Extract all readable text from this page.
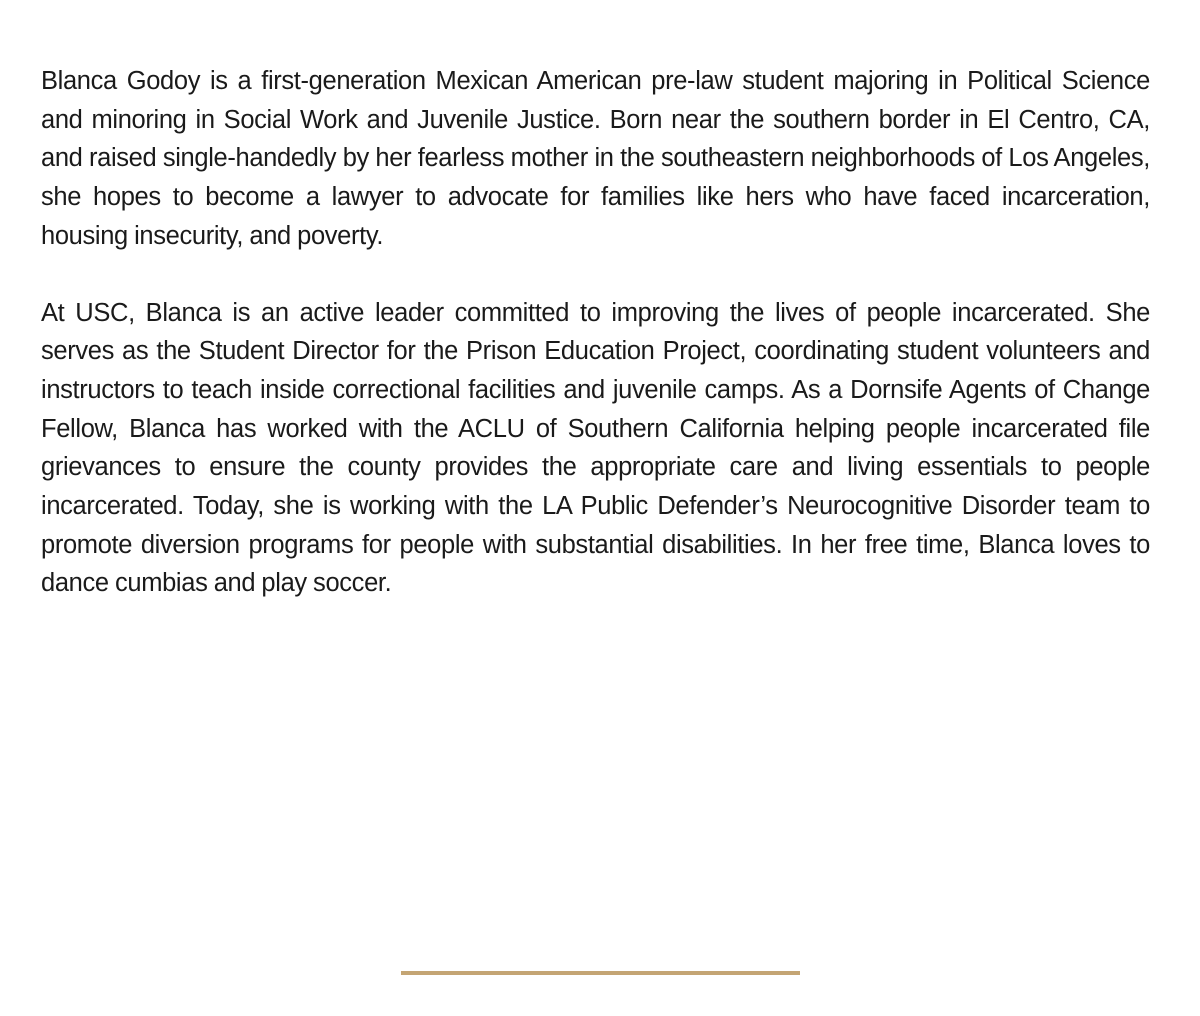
Blanca Godoy is a first-generation Mexican American pre-law student majoring in Political Science and minoring in Social Work and Juvenile Justice. Born near the southern border in El Centro, CA, and raised single-handedly by her fearless mother in the southeastern neighborhoods of Los Angeles, she hopes to become a lawyer to advocate for families like hers who have faced incarceration, housing insecurity, and poverty.

At USC, Blanca is an active leader committed to improving the lives of people incarcerated. She serves as the Student Director for the Prison Education Project, coordinating student volunteers and instructors to teach inside correctional facilities and juvenile camps. As a Dornsife Agents of Change Fellow, Blanca has worked with the ACLU of Southern California helping people incarcerated file grievances to ensure the county provides the appropriate care and living essentials to people incarcerated. Today, she is working with the LA Public Defender’s Neurocognitive Disorder team to promote diversion programs for people with substantial disabilities. In her free time, Blanca loves to dance cumbias and play soccer.
